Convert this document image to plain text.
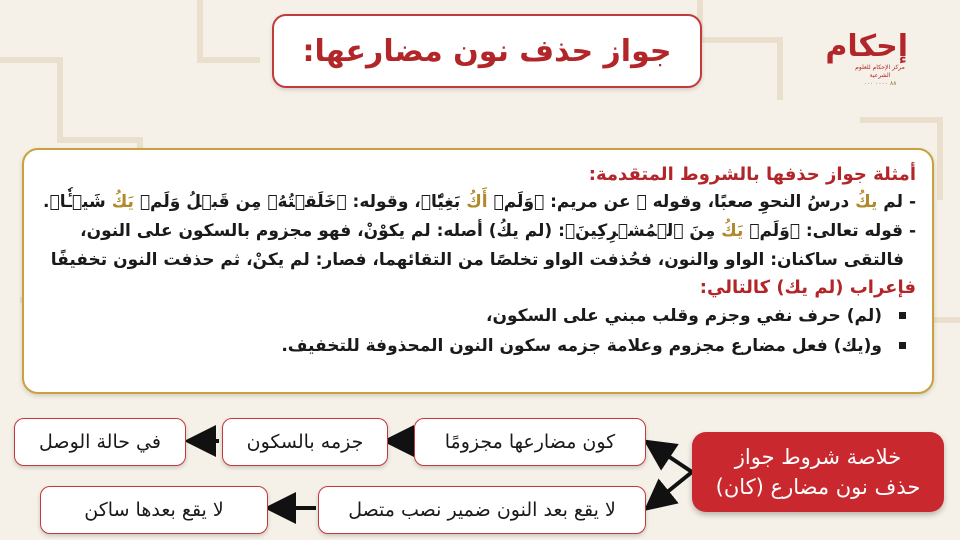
إحكام
مركز الإحكام للعلوم الشرعية
٨٨ ٠٠٠٠ ٠٠٠
جواز حذف نون مضارعها:
أمثلة جواز حذفها بالشروط المتقدمة:
- لم يكُ درسُ النحوِ صعبًا، وقوله ﷺ عن مريم: ﴿وَلَمۡ أَكُ بَغِيّٗا﴾، وقوله: ﴿خَلَقۡتُهُۥ مِن قَبۡلُ وَلَمۡ يَكُ شَيۡـٔٗا﴾.
- قوله تعالى: ﴿وَلَمۡ يَكُ مِنَ ٱلۡمُشۡرِكِينَ﴾: (لم يكُ) أصله: لم يكوْنْ، فهو مجزوم بالسكون على النون،
فالتقى ساكنان: الواو والنون، فحُذفت الواو تخلصًا من التقائهما، فصار: لم يكنْ، ثم حذفت النون تخفيفًا
فإعراب (لم يك) كالتالي:
(لم) حرف نفي وجزم وقلب مبني على السكون،
و(يك) فعل مضارع مجزوم وعلامة جزمه سكون النون المحذوفة للتخفيف.
خلاصة شروط جواز
حذف نون مضارع (كان)
كون مضارعها مجزومًا
جزمه بالسكون
في حالة الوصل
لا يقع بعد النون ضمير نصب متصل
لا يقع بعدها ساكن
